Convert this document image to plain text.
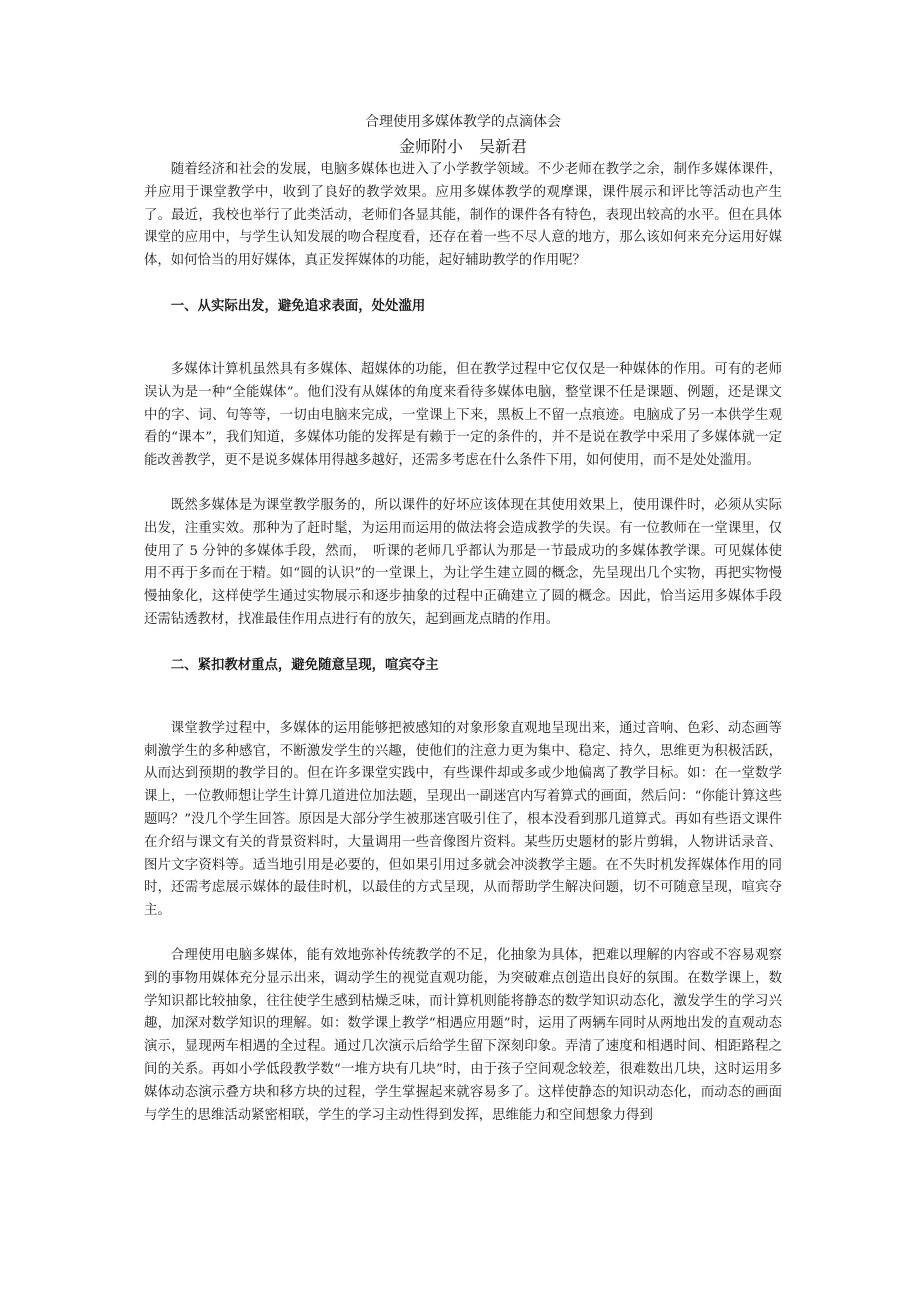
合理使用多媒体教学的点滴体会
金师附小　吴新君

随着经济和社会的发展，电脑多媒体也进入了小学教学领域。不少老师在教学之余，制作多媒体课件，并应用于课堂教学中，收到了良好的教学效果。应用多媒体教学的观摩课，课件展示和评比等活动也产生了。最近，我校也举行了此类活动，老师们各显其能，制作的课件各有特色，表现出较高的水平。但在具体课堂的应用中，与学生认知发展的吻合程度看，还存在着一些不尽人意的地方，那么该如何来充分运用好媒体，如何恰当的用好媒体，真正发挥媒体的功能，起好辅助教学的作用呢？

一、从实际出发，避免追求表面，处处滥用

多媒体计算机虽然具有多媒体、超媒体的功能，但在教学过程中它仅仅是一种媒体的作用。可有的老师误认为是一种“全能媒体”。他们没有从媒体的角度来看待多媒体电脑，整堂课不任是课题、例题，还是课文中的字、词、句等等，一切由电脑来完成，一堂课上下来，黑板上不留一点痕迹。电脑成了另一本供学生观看的“课本”，我们知道，多媒体功能的发挥是有赖于一定的条件的，并不是说在教学中采用了多媒体就一定能改善教学，更不是说多媒体用得越多越好，还需多考虑在什么条件下用，如何使用，而不是处处滥用。

既然多媒体是为课堂教学服务的，所以课件的好坏应该体现在其使用效果上，使用课件时，必须从实际出发，注重实效。那种为了赶时髦，为运用而运用的做法将会造成教学的失误。有一位教师在一堂课里，仅使用了 5 分钟的多媒体手段，然而，　听课的老师几乎都认为那是一节最成功的多媒体教学课。可见媒体使用不再于多而在于精。如“圆的认识”的一堂课上，为让学生建立圆的概念，先呈现出几个实物，再把实物慢慢抽象化，这样使学生通过实物展示和逐步抽象的过程中正确建立了圆的概念。因此，恰当运用多媒体手段还需钻透教材，找准最佳作用点进行有的放矢，起到画龙点睛的作用。

二、紧扣教材重点，避免随意呈现，喧宾夺主

课堂教学过程中，多媒体的运用能够把被感知的对象形象直观地呈现出来，通过音响、色彩、动态画等刺激学生的多种感官，不断激发学生的兴趣，使他们的注意力更为集中、稳定、持久，思维更为积极活跃，从而达到预期的教学目的。但在许多课堂实践中，有些课件却或多或少地偏离了教学目标。如：在一堂数学课上，一位教师想让学生计算几道进位加法题，呈现出一副迷宫内写着算式的画面，然后问：“你能计算这些题吗？”没几个学生回答。原因是大部分学生被那迷宫吸引住了，根本没看到那几道算式。再如有些语文课件在介绍与课文有关的背景资料时，大量调用一些音像图片资料。某些历史题材的影片剪辑，人物讲话录音、图片文字资料等。适当地引用是必要的，但如果引用过多就会冲淡教学主题。在不失时机发挥媒体作用的同时，还需考虑展示媒体的最佳时机，以最佳的方式呈现，从而帮助学生解决问题，切不可随意呈现，喧宾夺主。

合理使用电脑多媒体，能有效地弥补传统教学的不足，化抽象为具体，把难以理解的内容或不容易观察到的事物用媒体充分显示出来，调动学生的视觉直观功能，为突破难点创造出良好的氛围。在数学课上，数学知识都比较抽象，往往使学生感到枯燥乏味，而计算机则能将静态的数学知识动态化，激发学生的学习兴趣，加深对数学知识的理解。如：数学课上教学“相遇应用题”时，运用了两辆车同时从两地出发的直观动态演示，显现两车相遇的全过程。通过几次演示后给学生留下深刻印象。弄清了速度和相遇时间、相距路程之间的关系。再如小学低段教学数“一堆方块有几块”时，由于孩子空间观念较差，很难数出几块，这时运用多媒体动态演示叠方块和移方块的过程，学生掌握起来就容易多了。这样使静态的知识动态化，而动态的画面与学生的思维活动紧密相联，学生的学习主动性得到发挥，思维能力和空间想象力得到
